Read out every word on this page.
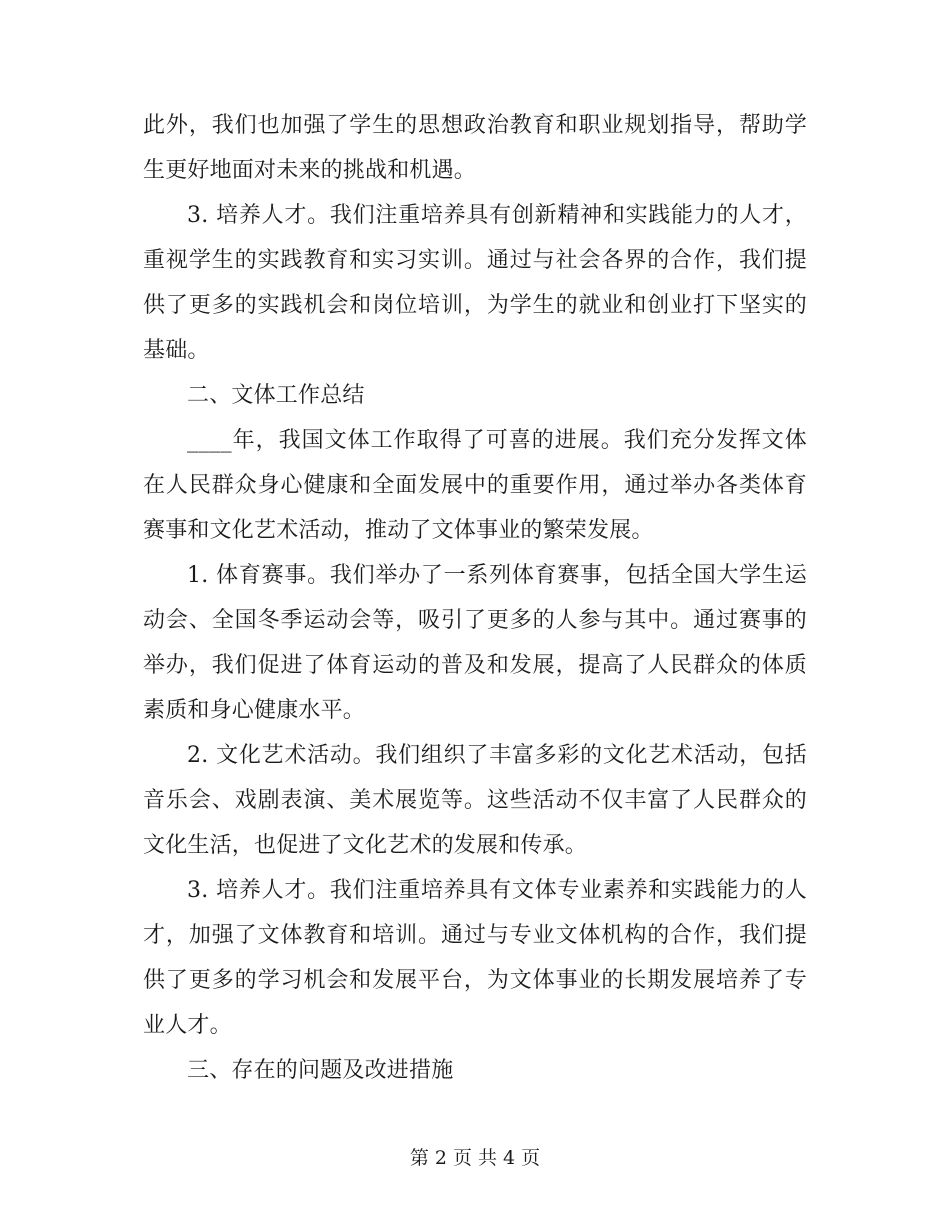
此外，我们也加强了学生的思想政治教育和职业规划指导，帮助学生更好地面对未来的挑战和机遇。

3. 培养人才。我们注重培养具有创新精神和实践能力的人才，重视学生的实践教育和实习实训。通过与社会各界的合作，我们提供了更多的实践机会和岗位培训，为学生的就业和创业打下坚实的基础。

二、文体工作总结

____年，我国文体工作取得了可喜的进展。我们充分发挥文体在人民群众身心健康和全面发展中的重要作用，通过举办各类体育赛事和文化艺术活动，推动了文体事业的繁荣发展。

1. 体育赛事。我们举办了一系列体育赛事，包括全国大学生运动会、全国冬季运动会等，吸引了更多的人参与其中。通过赛事的举办，我们促进了体育运动的普及和发展，提高了人民群众的体质素质和身心健康水平。

2. 文化艺术活动。我们组织了丰富多彩的文化艺术活动，包括音乐会、戏剧表演、美术展览等。这些活动不仅丰富了人民群众的文化生活，也促进了文化艺术的发展和传承。

3. 培养人才。我们注重培养具有文体专业素养和实践能力的人才，加强了文体教育和培训。通过与专业文体机构的合作，我们提供了更多的学习机会和发展平台，为文体事业的长期发展培养了专业人才。

三、存在的问题及改进措施

第 2 页 共 4 页
